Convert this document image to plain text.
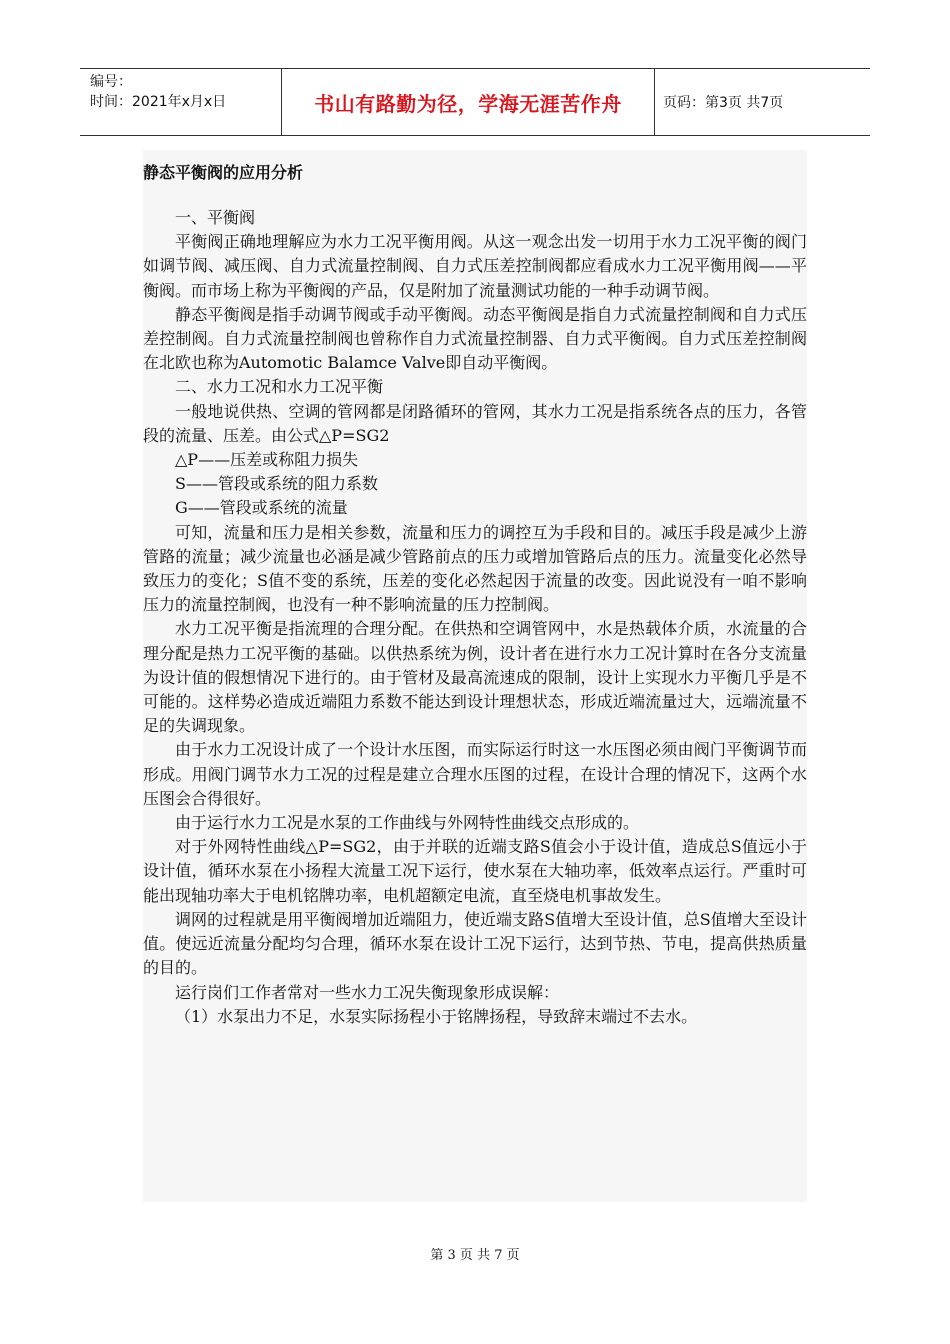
编号：
时间：2021年x月x日	书山有路勤为径，学海无涯苦作舟	页码：第3页 共7页
静态平衡阀的应用分析

一、平衡阀

平衡阀正确地理解应为水力工况平衡用阀。从这一观念出发一切用于水力工况平衡的阀门如调节阀、减压阀、自力式流量控制阀、自力式压差控制阀都应看成水力工况平衡用阀——平衡阀。而市场上称为平衡阀的产品，仅是附加了流量测试功能的一种手动调节阀。

静态平衡阀是指手动调节阀或手动平衡阀。动态平衡阀是指自力式流量控制阀和自力式压差控制阀。自力式流量控制阀也曾称作自力式流量控制器、自力式平衡阀。自力式压差控制阀在北欧也称为Automotic Balamce Valve即自动平衡阀。

二、水力工况和水力工况平衡

一般地说供热、空调的管网都是闭路循环的管网，其水力工况是指系统各点的压力，各管段的流量、压差。由公式△P=SG2

△P——压差或称阻力损失

S——管段或系统的阻力系数

G——管段或系统的流量

可知，流量和压力是相关参数，流量和压力的调控互为手段和目的。减压手段是减少上游管路的流量；减少流量也必涵是减少管路前点的压力或增加管路后点的压力。流量变化必然导致压力的变化；S值不变的系统，压差的变化必然起因于流量的改变。因此说没有一咱不影响压力的流量控制阀，也没有一种不影响流量的压力控制阀。

水力工况平衡是指流理的合理分配。在供热和空调管网中，水是热载体介质，水流量的合理分配是热力工况平衡的基础。以供热系统为例，设计者在进行水力工况计算时在各分支流量为设计值的假想情况下进行的。由于管材及最高流速成的限制，设计上实现水力平衡几乎是不可能的。这样势必造成近端阻力系数不能达到设计理想状态，形成近端流量过大，远端流量不足的失调现象。

由于水力工况设计成了一个设计水压图，而实际运行时这一水压图必须由阀门平衡调节而形成。用阀门调节水力工况的过程是建立合理水压图的过程，在设计合理的情况下，这两个水压图会合得很好。

由于运行水力工况是水泵的工作曲线与外网特性曲线交点形成的。

对于外网特性曲线△P=SG2，由于并联的近端支路S值会小于设计值，造成总S值远小于设计值，循环水泵在小扬程大流量工况下运行，使水泵在大轴功率，低效率点运行。严重时可能出现轴功率大于电机铭牌功率，电机超额定电流，直至烧电机事故发生。

调网的过程就是用平衡阀增加近端阻力，使近端支路S值增大至设计值，总S值增大至设计值。使远近流量分配均匀合理，循环水泵在设计工况下运行，达到节热、节电，提高供热质量的目的。

运行岗们工作者常对一些水力工况失衡现象形成误解：

（1）水泵出力不足，水泵实际扬程小于铭牌扬程，导致辞末端过不去水。

第 3 页 共 7 页
